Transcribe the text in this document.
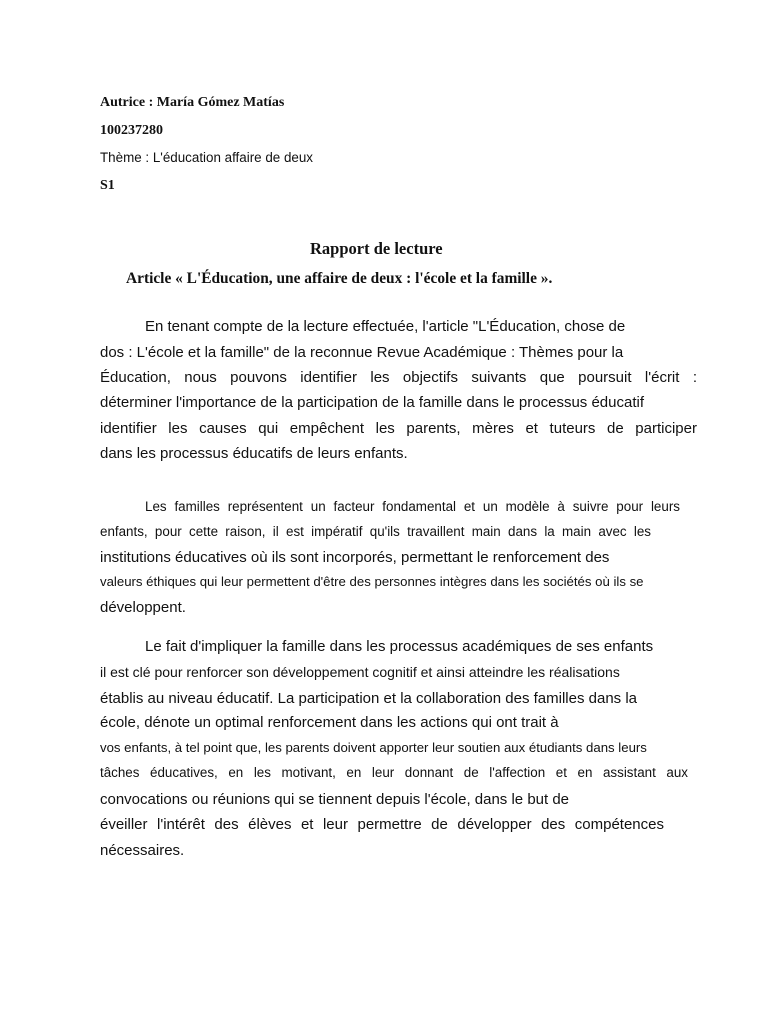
Autrice : María Gómez Matías

100237280

Thème : L'éducation affaire de deux

S1

Rapport de lecture

Article « L'Éducation, une affaire de deux : l'école et la famille ».

En tenant compte de la lecture effectuée, l'article "L'Éducation, chose de

dos : L'école et la famille" de la reconnue Revue Académique : Thèmes pour la

Éducation, nous pouvons identifier les objectifs suivants que poursuit l'écrit :

déterminer l'importance de la participation de la famille dans le processus éducatif

identifier les causes qui empêchent les parents, mères et tuteurs de participer

dans les processus éducatifs de leurs enfants.

Les familles représentent un facteur fondamental et un modèle à suivre pour leurs

enfants, pour cette raison, il est impératif qu'ils travaillent main dans la main avec les

institutions éducatives où ils sont incorporés, permettant le renforcement des

valeurs éthiques qui leur permettent d'être des personnes intègres dans les sociétés où ils se

développent.

Le fait d'impliquer la famille dans les processus académiques de ses enfants

il est clé pour renforcer son développement cognitif et ainsi atteindre les réalisations

établis au niveau éducatif. La participation et la collaboration des familles dans la

école, dénote un optimal renforcement dans les actions qui ont trait à

vos enfants, à tel point que, les parents doivent apporter leur soutien aux étudiants dans leurs

tâches éducatives, en les motivant, en leur donnant de l'affection et en assistant aux

convocations ou réunions qui se tiennent depuis l'école, dans le but de

éveiller l'intérêt des élèves et leur permettre de développer des compétences

nécessaires.
